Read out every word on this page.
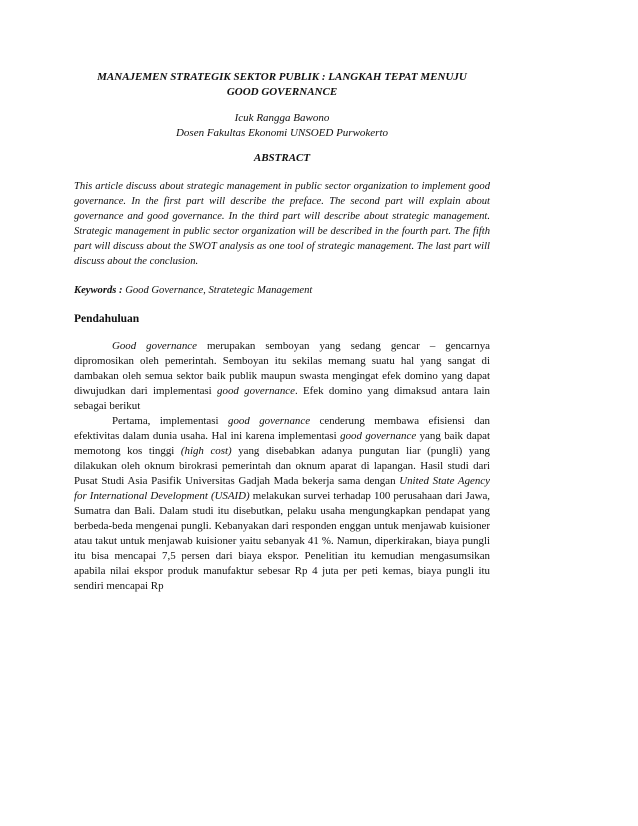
MANAJEMEN STRATEGIK SEKTOR PUBLIK : LANGKAH TEPAT MENUJU
GOOD GOVERNANCE
Icuk Rangga Bawono
Dosen Fakultas Ekonomi UNSOED Purwokerto
ABSTRACT
This article discuss about strategic management in public sector organization to implement good governance. In the first part will describe the preface. The second part will explain about governance and good governance. In the third part will describe about strategic management. Strategic management in public sector organization will be described in the fourth part. The fifth part will discuss about the SWOT analysis as one tool of strategic management. The last part will discuss about the conclusion.
Keywords : Good Governance, Stratetegic Management
Pendahuluan

Good governance merupakan semboyan yang sedang gencar – gencarnya dipromosikan oleh pemerintah. Semboyan itu sekilas memang suatu hal yang sangat di dambakan oleh semua sektor baik publik maupun swasta mengingat efek domino yang dapat diwujudkan dari implementasi good governance. Efek domino yang dimaksud antara lain sebagai berikut

Pertama, implementasi good governance cenderung membawa efisiensi dan efektivitas dalam dunia usaha. Hal ini karena implementasi good governance yang baik dapat memotong kos tinggi (high cost) yang disebabkan adanya pungutan liar (pungli) yang dilakukan oleh oknum birokrasi pemerintah dan oknum aparat di lapangan. Hasil studi dari Pusat Studi Asia Pasifik Universitas Gadjah Mada bekerja sama dengan United State Agency for International Development (USAID) melakukan survei terhadap 100 perusahaan dari Jawa, Sumatra dan Bali. Dalam studi itu disebutkan, pelaku usaha mengungkapkan pendapat yang berbeda-beda mengenai pungli. Kebanyakan dari responden enggan untuk menjawab kuisioner atau takut untuk menjawab kuisioner yaitu sebanyak 41 %. Namun, diperkirakan, biaya pungli itu bisa mencapai 7,5 persen dari biaya ekspor. Penelitian itu kemudian mengasumsikan apabila nilai ekspor produk manufaktur sebesar Rp 4 juta per peti kemas, biaya pungli itu sendiri mencapai Rp
